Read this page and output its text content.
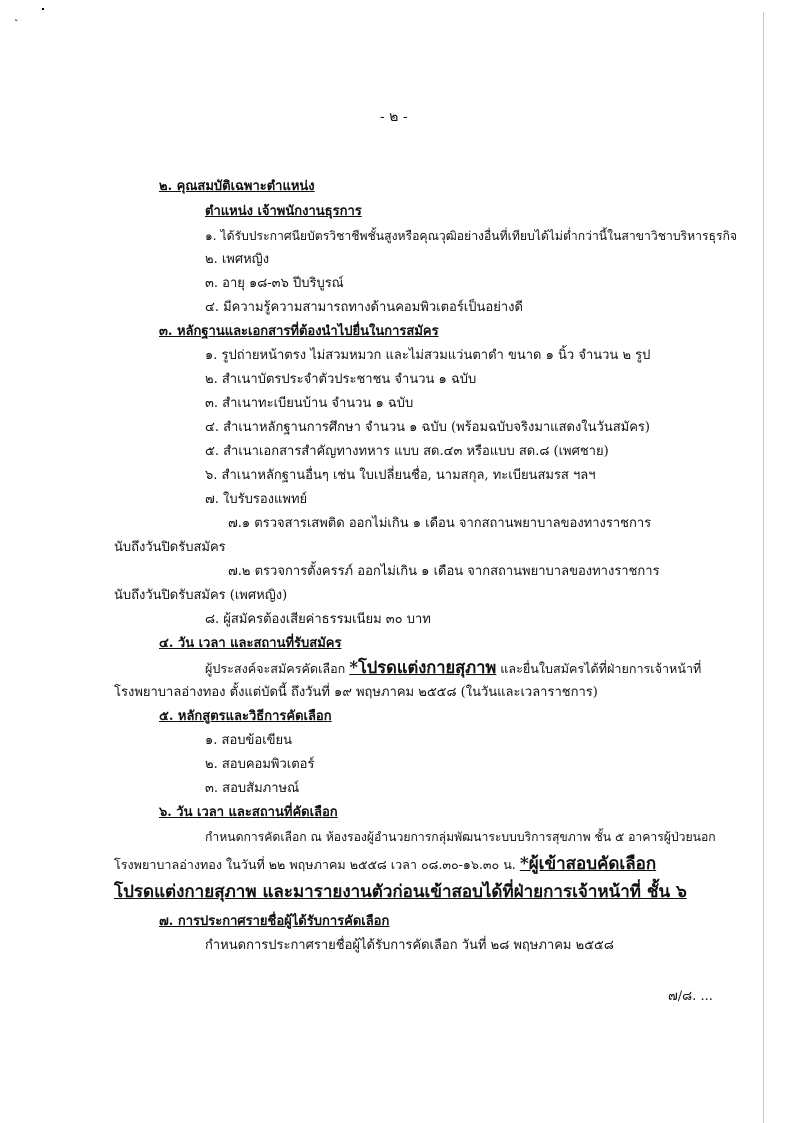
ˇ
- ๒ -
๒. คุณสมบัติเฉพาะตำแหน่ง
ตำแหน่ง เจ้าพนักงานธุรการ
๑. ได้รับประกาศนียบัตรวิชาชีพชั้นสูงหรือคุณวุฒิอย่างอื่นที่เทียบได้ไม่ต่ำกว่านี้ในสาขาวิชาบริหารธุรกิจ
๒. เพศหญิง
๓. อายุ ๑๘-๓๖ ปีบริบูรณ์
๔. มีความรู้ความสามารถทางด้านคอมพิวเตอร์เป็นอย่างดี
๓. หลักฐานและเอกสารที่ต้องนำไปยื่นในการสมัคร
๑. รูปถ่ายหน้าตรง ไม่สวมหมวก และไม่สวมแว่นตาดำ ขนาด ๑ นิ้ว จำนวน ๒ รูป
๒. สำเนาบัตรประจำตัวประชาชน จำนวน ๑ ฉบับ
๓. สำเนาทะเบียนบ้าน จำนวน ๑ ฉบับ
๔. สำเนาหลักฐานการศึกษา จำนวน ๑ ฉบับ (พร้อมฉบับจริงมาแสดงในวันสมัคร)
๕. สำเนาเอกสารสำคัญทางทหาร แบบ สด.๔๓ หรือแบบ สด.๘ (เพศชาย)
๖. สำเนาหลักฐานอื่นๆ เช่น ใบเปลี่ยนชื่อ, นามสกุล, ทะเบียนสมรส ฯลฯ
๗. ใบรับรองแพทย์
๗.๑ ตรวจสารเสพติด ออกไม่เกิน ๑ เดือน จากสถานพยาบาลของทางราชการ
นับถึงวันปิดรับสมัคร
๗.๒ ตรวจการตั้งครรภ์ ออกไม่เกิน ๑ เดือน จากสถานพยาบาลของทางราชการ
นับถึงวันปิดรับสมัคร (เพศหญิง)
๘. ผู้สมัครต้องเสียค่าธรรมเนียม ๓๐ บาท
๔. วัน เวลา และสถานที่รับสมัคร
ผู้ประสงค์จะสมัครคัดเลือก *โปรดแต่งกายสุภาพ และยื่นใบสมัครได้ที่ฝ่ายการเจ้าหน้าที่
โรงพยาบาลอ่างทอง ตั้งแต่บัดนี้ ถึงวันที่ ๑๙ พฤษภาคม ๒๕๕๘ (ในวันและเวลาราชการ)
๕. หลักสูตรและวิธีการคัดเลือก
๑. สอบข้อเขียน
๒. สอบคอมพิวเตอร์
๓. สอบสัมภาษณ์
๖. วัน เวลา และสถานที่คัดเลือก
กำหนดการคัดเลือก ณ ห้องรองผู้อำนวยการกลุ่มพัฒนาระบบบริการสุขภาพ ชั้น ๕ อาคารผู้ป่วยนอก
โรงพยาบาลอ่างทอง ในวันที่ ๒๒ พฤษภาคม ๒๕๕๘ เวลา ๐๘.๓๐-๑๖.๓๐ น. *ผู้เข้าสอบคัดเลือก
โปรดแต่งกายสุภาพ และมารายงานตัวก่อนเข้าสอบได้ที่ฝ่ายการเจ้าหน้าที่ ชั้น ๖
๗. การประกาศรายชื่อผู้ได้รับการคัดเลือก
กำหนดการประกาศรายชื่อผู้ได้รับการคัดเลือก วันที่ ๒๘ พฤษภาคม ๒๕๕๘
๗/๘. ...
